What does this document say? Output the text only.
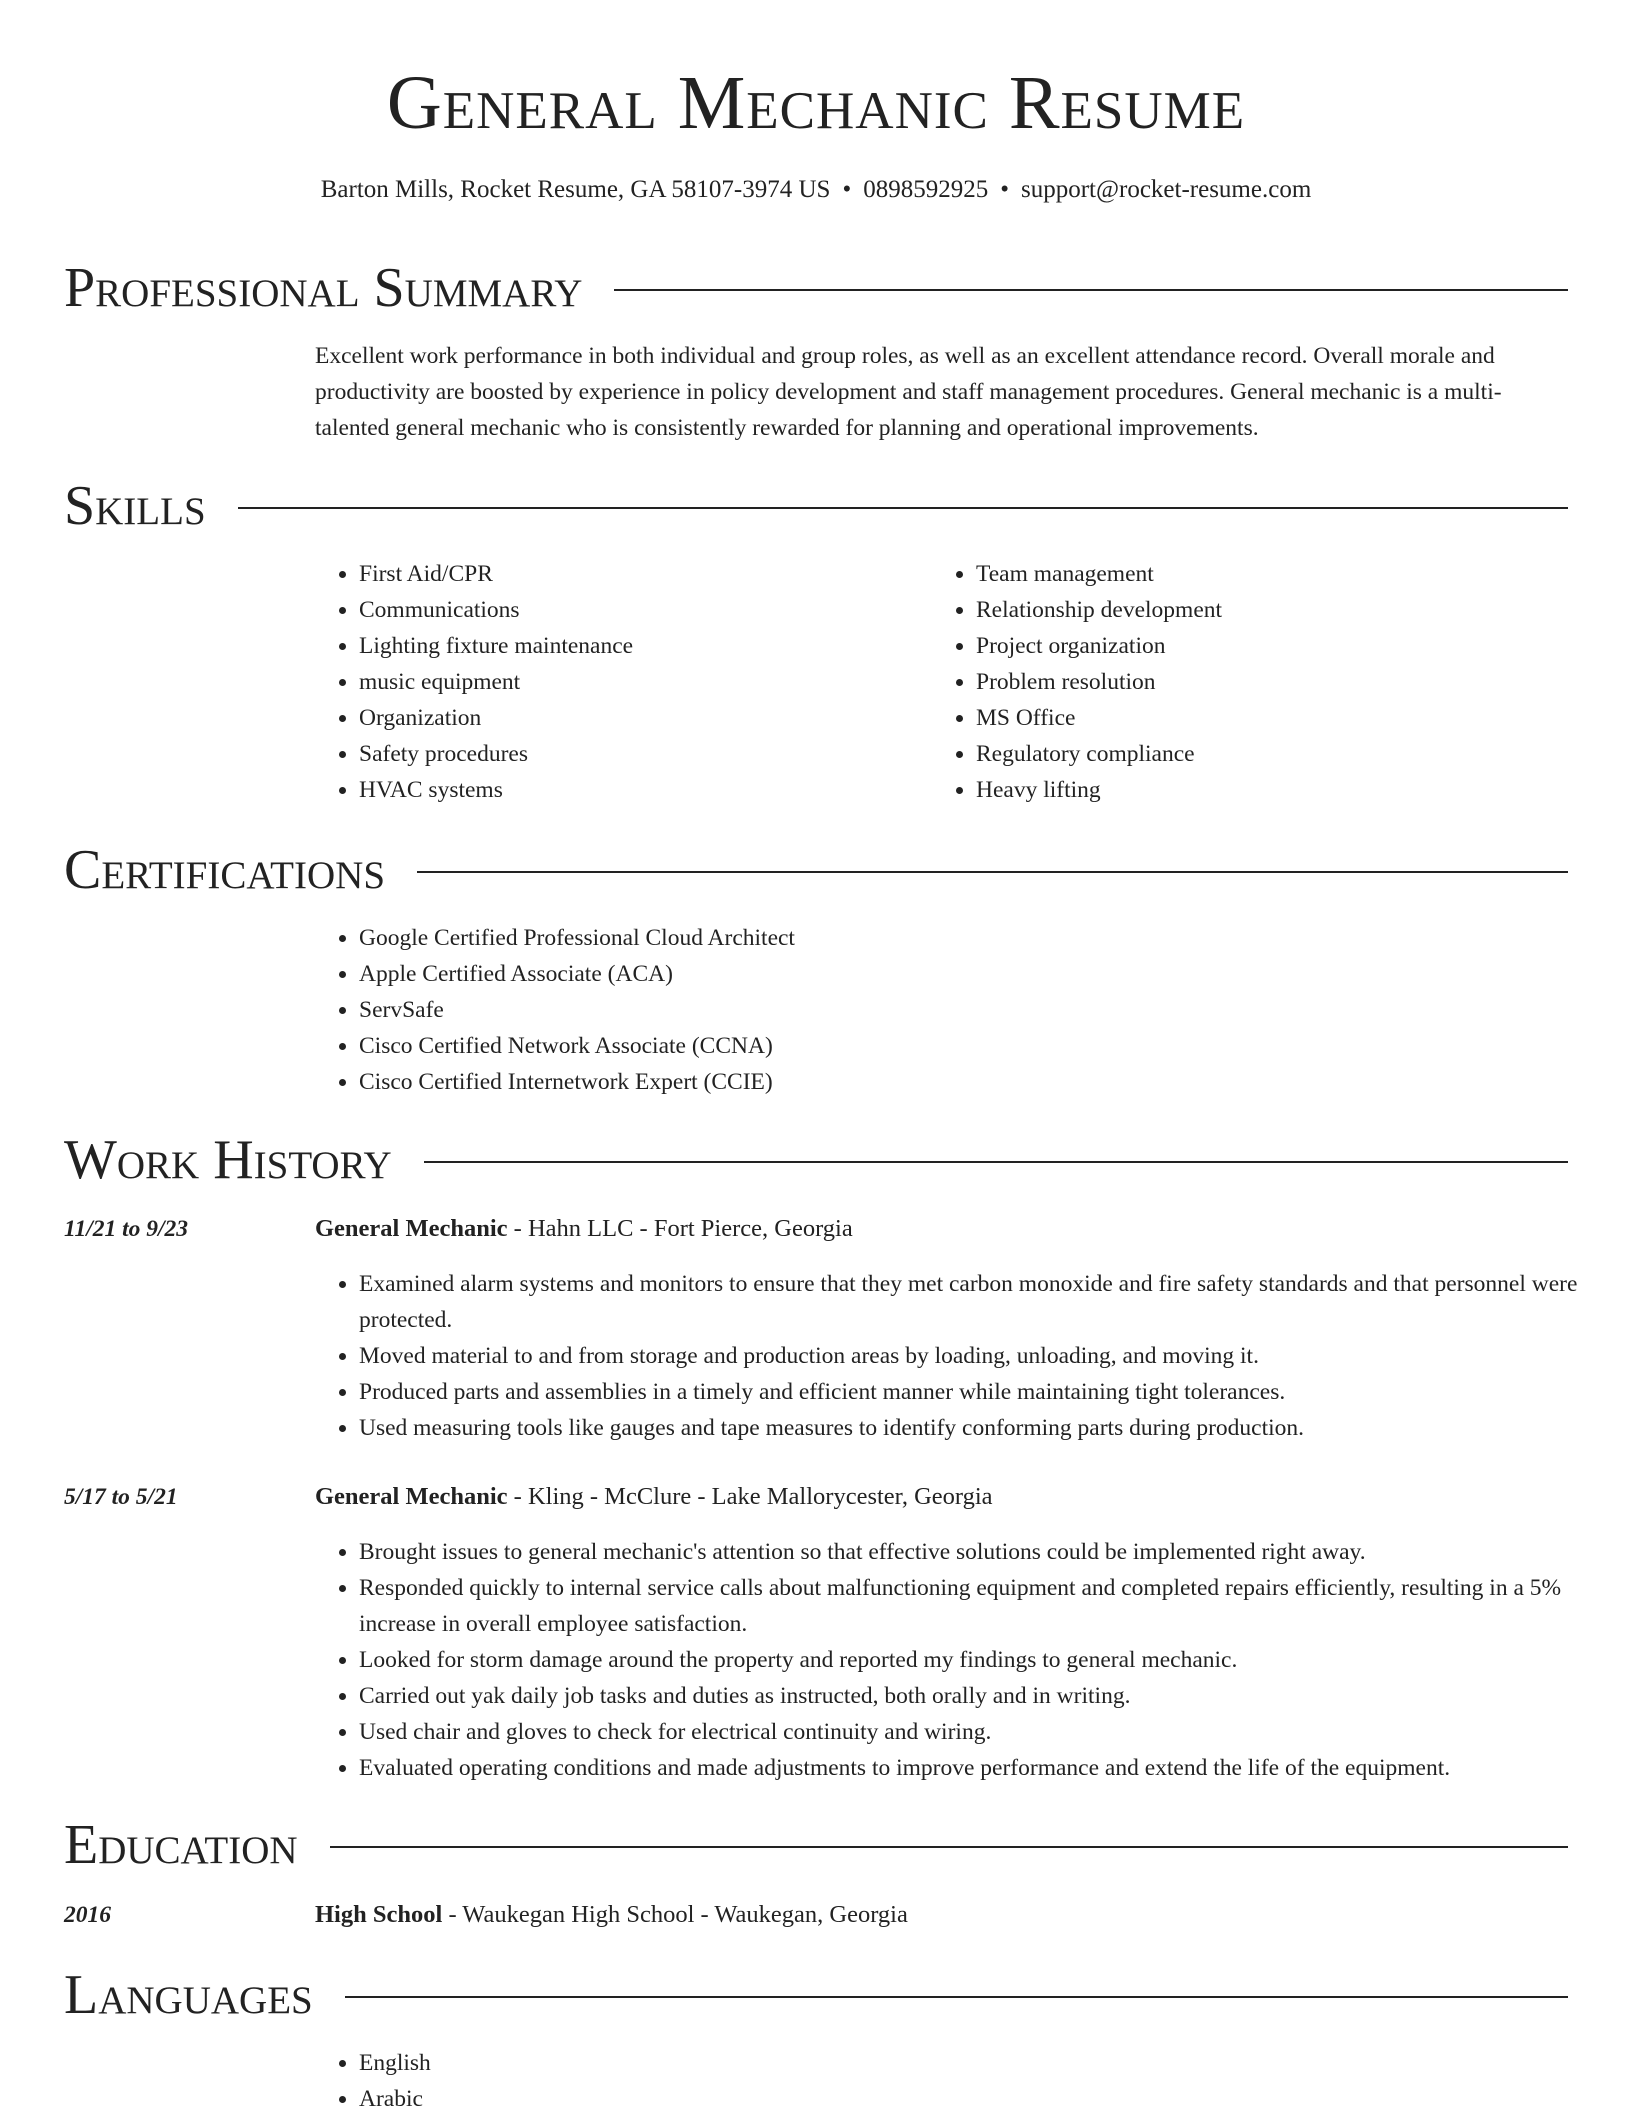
General Mechanic Resume
Barton Mills, Rocket Resume, GA 58107-3974 US • 0898592925 • support@rocket-resume.com
Professional Summary

Excellent work performance in both individual and group roles, as well as an excellent attendance record. Overall morale and productivity are boosted by experience in policy development and staff management procedures. General mechanic is a multi-talented general mechanic who is consistently rewarded for planning and operational improvements.

Skills
• First Aid/CPR
• Communications
• Lighting fixture maintenance
• music equipment
• Organization
• Safety procedures
• HVAC systems
• Team management
• Relationship development
• Project organization
• Problem resolution
• MS Office
• Regulatory compliance
• Heavy lifting
Certifications
• Google Certified Professional Cloud Architect
• Apple Certified Associate (ACA)
• ServSafe
• Cisco Certified Network Associate (CCNA)
• Cisco Certified Internetwork Expert (CCIE)
Work History
11/21 to 9/23	General Mechanic - Hahn LLC - Fort Pierce, Georgia
• Examined alarm systems and monitors to ensure that they met carbon monoxide and fire safety standards and that personnel were protected.
• Moved material to and from storage and production areas by loading, unloading, and moving it.
• Produced parts and assemblies in a timely and efficient manner while maintaining tight tolerances.
• Used measuring tools like gauges and tape measures to identify conforming parts during production.
5/17 to 5/21	General Mechanic - Kling - McClure - Lake Mallorycester, Georgia
• Brought issues to general mechanic's attention so that effective solutions could be implemented right away.
• Responded quickly to internal service calls about malfunctioning equipment and completed repairs efficiently, resulting in a 5% increase in overall employee satisfaction.
• Looked for storm damage around the property and reported my findings to general mechanic.
• Carried out yak daily job tasks and duties as instructed, both orally and in writing.
• Used chair and gloves to check for electrical continuity and wiring.
• Evaluated operating conditions and made adjustments to improve performance and extend the life of the equipment.
Education
2016	High School - Waukegan High School - Waukegan, Georgia
Languages
• English
• Arabic
